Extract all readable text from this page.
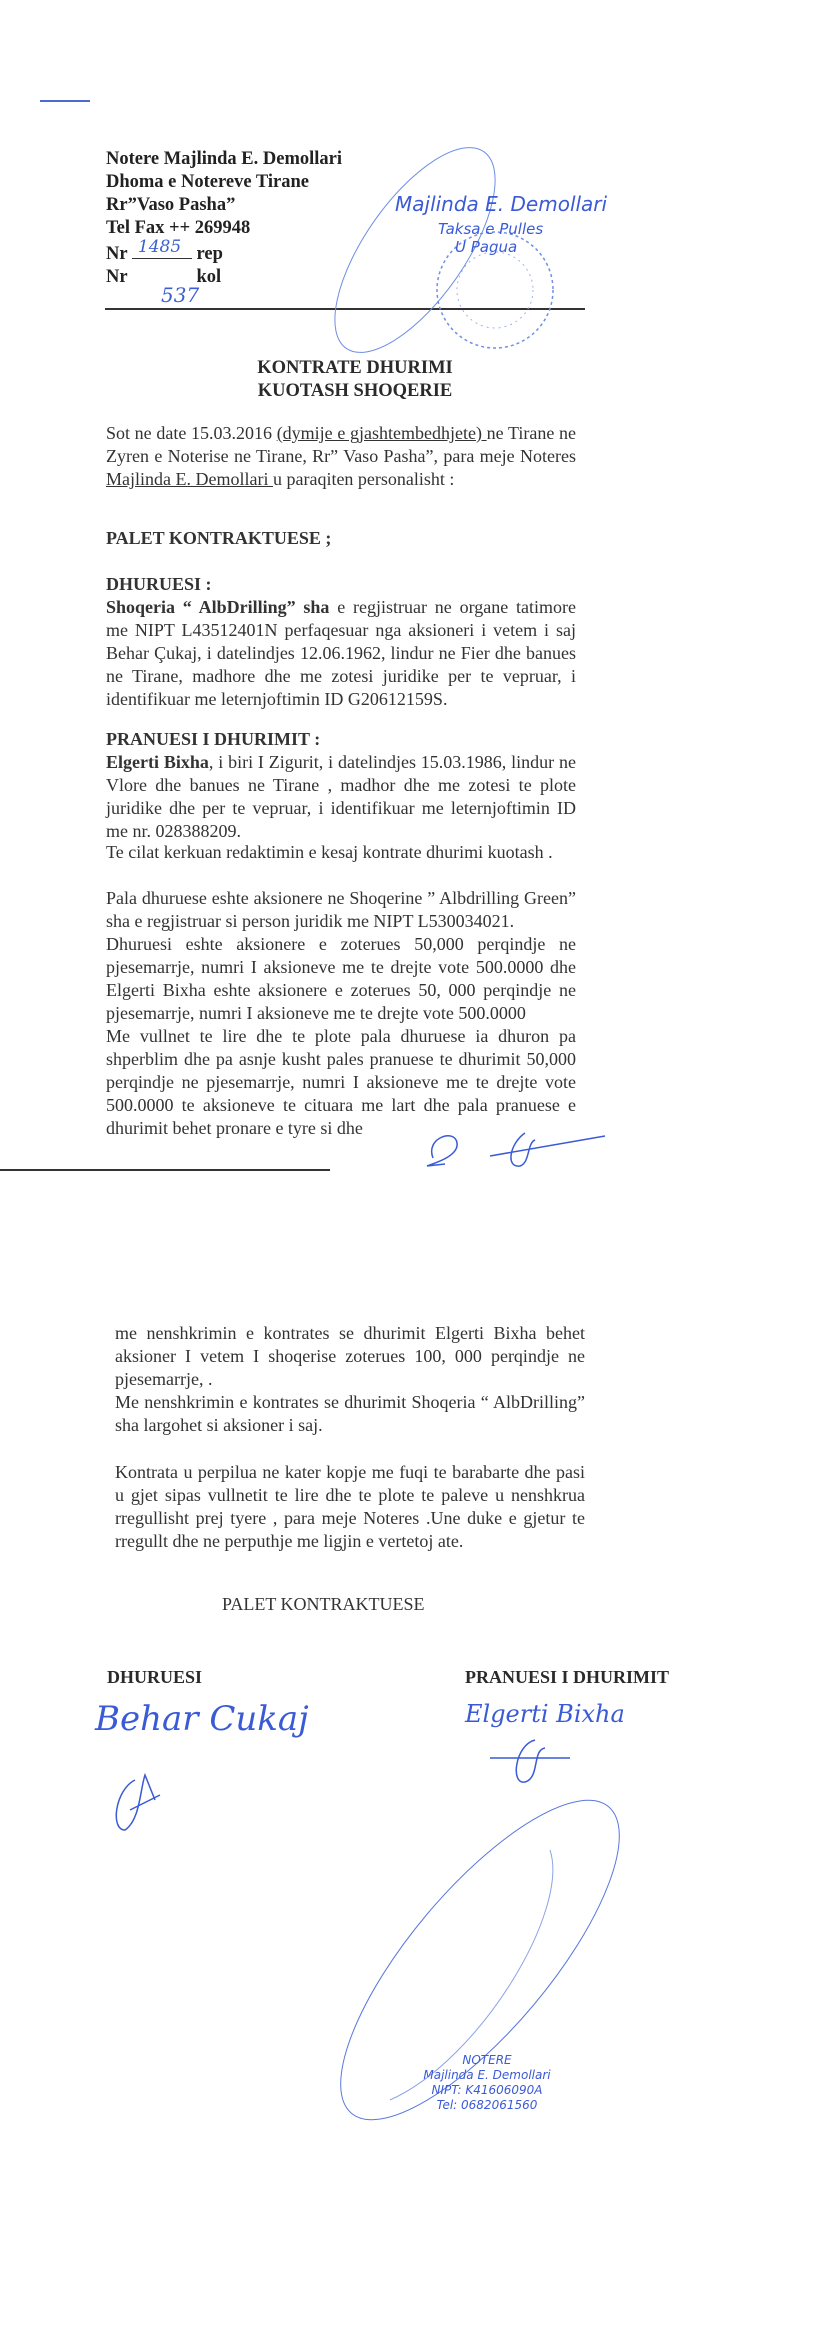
Notere Majlinda E. Demollari
Dhoma e Notereve Tirane
Rr”Vaso Pasha”
Tel Fax ++ 269948
Nr 1485 rep
Nr	kol
537
Majlinda E. Demollari
Taksa e Pulles
U Pagua
KONTRATE DHURIMI
KUOTASH SHOQERIE
Sot ne date 15.03.2016 (dymije e gjashtembedhjete) ne Tirane ne Zyren e Noterise ne Tirane, Rr” Vaso Pasha”, para meje Noteres Majlinda E. Demollari u paraqiten personalisht :
PALET KONTRAKTUESE ;
DHURUESI :
Shoqeria “ AlbDrilling” sha e regjistruar ne organe tatimore me NIPT L43512401N perfaqesuar nga aksioneri i vetem i saj Behar Çukaj, i datelindjes 12.06.1962, lindur ne Fier dhe banues ne Tirane, madhore dhe me zotesi juridike per te vepruar, i identifikuar me leternjoftimin ID G20612159S.
PRANUESI I DHURIMIT :
Elgerti Bixha, i biri I Zigurit, i datelindjes 15.03.1986, lindur ne Vlore dhe banues ne Tirane , madhor dhe me zotesi te plote juridike dhe per te vepruar, i identifikuar me leternjoftimin ID me nr. 028388209.
Te cilat kerkuan redaktimin e kesaj kontrate dhurimi kuotash .
Pala dhuruese eshte aksionere ne Shoqerine ” Albdrilling Green” sha e regjistruar si person juridik me NIPT L530034021.
Dhuruesi eshte aksionere e zoterues 50,000 perqindje ne pjesemarrje, numri I aksioneve me te drejte vote 500.0000 dhe Elgerti Bixha eshte aksionere e zoterues 50, 000 perqindje ne pjesemarrje, numri I aksioneve me te drejte vote 500.0000
Me vullnet te lire dhe te plote pala dhuruese ia dhuron pa shperblim dhe pa asnje kusht pales pranuese te dhurimit 50,000 perqindje ne pjesemarrje, numri I aksioneve me te drejte vote 500.0000 te aksioneve te cituara me lart dhe pala pranuese e dhurimit behet pronare e tyre si dhe
me nenshkrimin e kontrates se dhurimit Elgerti Bixha behet aksioner I vetem I shoqerise zoterues 100, 000 perqindje ne pjesemarrje, .
Me nenshkrimin e kontrates se dhurimit Shoqeria “ AlbDrilling” sha largohet si aksioner i saj.
Kontrata u perpilua ne kater kopje me fuqi te barabarte dhe pasi u gjet sipas vullnetit te lire dhe te plote te paleve u nenshkrua rregullisht prej tyere , para meje Noteres .Une duke e gjetur te rregullt dhe ne perputhje me ligjin e vertetoj ate.
PALET KONTRAKTUESE
DHURUESI	PRANUESI I DHURIMIT
Behar Cukaj	Elgerti Bixha
NOTERE
Majlinda E. Demollari
NIPT: K41606090A
Tel: 0682061560
